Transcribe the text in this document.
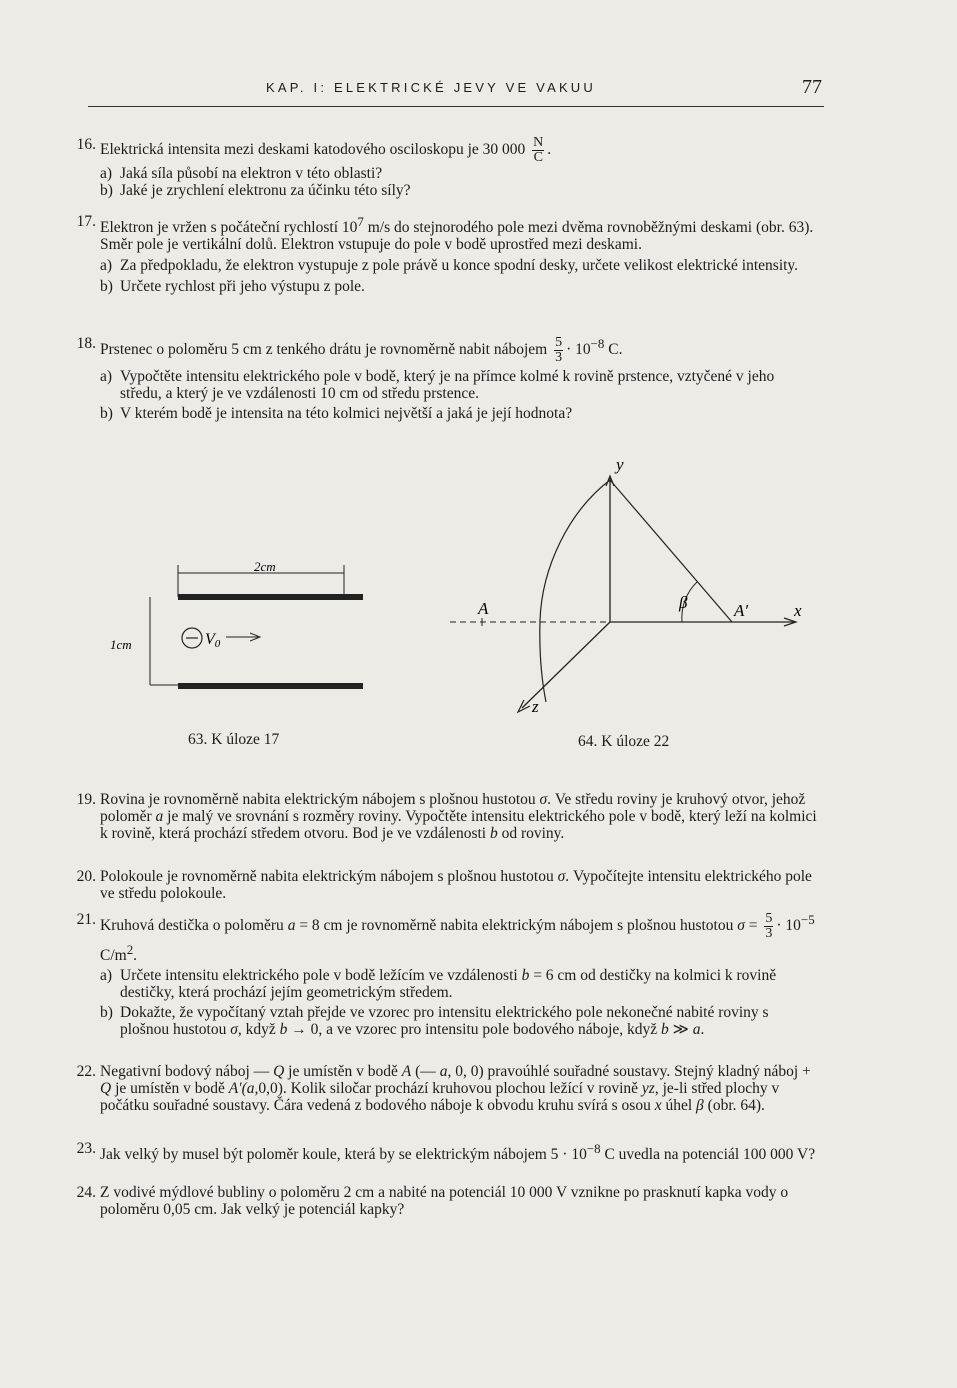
KAP. I: ELEKTRICKÉ JEVY VE VAKUU	77
16. Elektrická intensita mezi deskami katodového osciloskopu je 30 $000 \frac{N}{C}$ .
a) Jaká síla působí na elektron v této oblasti?
b) Jaké je zrychlení elektronu za účinku této síly?
17. Elektron je vržen s počáteční rychlostí $10^7$ m/s do stejnorodého pole mezi dvěma rovnoběžnými deskami (obr. 63). Směr pole je vertikální dolů. Elektron vstupuje do pole v bodě uprostřed mezi deskami.
a) Za předpokladu, že elektron vystupuje z pole právě u konce spodní desky, určete velikost elektrické intensity.
b) Určete rychlost při jeho výstupu z pole.
18. Prstenec o poloměru 5 cm z tenkého drátu je rovnoměrně nabit nábojem $\frac{5}{3} \cdot 10^{-8}$ C.
a) Vypočtěte intensitu elektrického pole v bodě, který je na přímce kolmé k rovině prstence, vztyčené v jeho středu, a který je ve vzdálenosti 10 cm od středu prstence.
b) V kterém bodě je intensita na této kolmici největší a jaká je její hodnota?
2cm
1cm	V0
63. K úloze 17
y
x
z
β	A′
A
64. K úloze 22
19. Rovina je rovnoměrně nabita elektrickým nábojem s plošnou hustotou σ. Ve středu roviny je kruhový otvor, jehož poloměr a je malý ve srovnání s rozměry roviny. Vypočtěte intensitu elektrického pole v bodě, který leží na kolmici k rovině, která prochází středem otvoru. Bod je ve vzdálenosti b od roviny.
20. Polokoule je rovnoměrně nabita elektrickým nábojem s plošnou hustotou σ. Vypočítejte intensitu elektrického pole ve středu polokoule.
21. Kruhová destička o poloměru a = 8 cm je rovnoměrně nabita elektrickým nábojem s plošnou hustotou $\sigma = \frac{5}{3} \cdot 10^{-5}$ $C/m^2$.
a) Určete intensitu elektrického pole v bodě ležícím ve vzdálenosti b = 6 cm od destičky na kolmici k rovině destičky, která prochází jejím geometrickým středem.
b) Dokažte, že vypočítaný vztah přejde ve vzorec pro intensitu elektrického pole nekonečné nabité roviny s plošnou hustotou σ, když b → 0, a ve vzorec pro intensitu pole bodového náboje, když b ≫ a.
22. Negativní bodový náboj — Q je umístěn v bodě A (— a, 0, 0) pravoúhlé souřadné soustavy. Stejný kladný náboj + Q je umístěn v bodě A′(a,0,0). Kolik siločar prochází kruhovou plochou ležící v rovině yz, je-li střed plochy v počátku souřadné soustavy. Čára vedená z bodového náboje k obvodu kruhu svírá s osou x úhel β (obr. 64).
23. Jak velký by musel být poloměr koule, která by se elektrickým nábojem $5 \cdot 10^{-8}$ C uvedla na potenciál 100 000 V?
24. Z vodivé mýdlové bubliny o poloměru 2 cm a nabité na potenciál 10 000 V vznikne po prasknutí kapka vody o poloměru 0,05 cm. Jak velký je potenciál kapky?
